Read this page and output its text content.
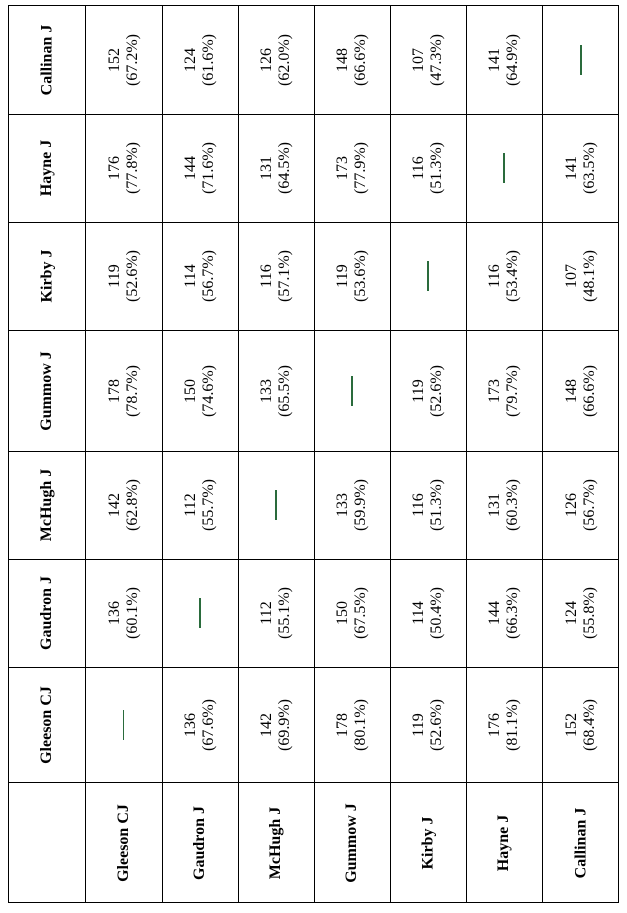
Callinan J
Hayne J
Kirby J
Gummow J
McHugh J
Gaudron J
Gleeson CJ
152 (67.2%)
176 (77.8%)
119 (52.6%)
178 (78.7%)
142 (62.8%)
136 (60.1%)
Gleeson CJ
124 (61.6%)
144 (71.6%)
114 (56.7%)
150 (74.6%)
112 (55.7%)
136 (67.6%)
Gaudron J
126 (62.0%)
131 (64.5%)
116 (57.1%)
133 (65.5%)
112 (55.1%)
142 (69.9%)
McHugh J
148 (66.6%)
173 (77.9%)
119 (53.6%)
133 (59.9%)
150 (67.5%)
178 (80.1%)
Gummow J
107 (47.3%)
116 (51.3%)
119 (52.6%)
116 (51.3%)
114 (50.4%)
119 (52.6%)
Kirby J
141 (64.9%)
116 (53.4%)
173 (79.7%)
131 (60.3%)
144 (66.3%)
176 (81.1%)
Hayne J
141 (63.5%)
107 (48.1%)
148 (66.6%)
126 (56.7%)
124 (55.8%)
152 (68.4%)
Callinan J
